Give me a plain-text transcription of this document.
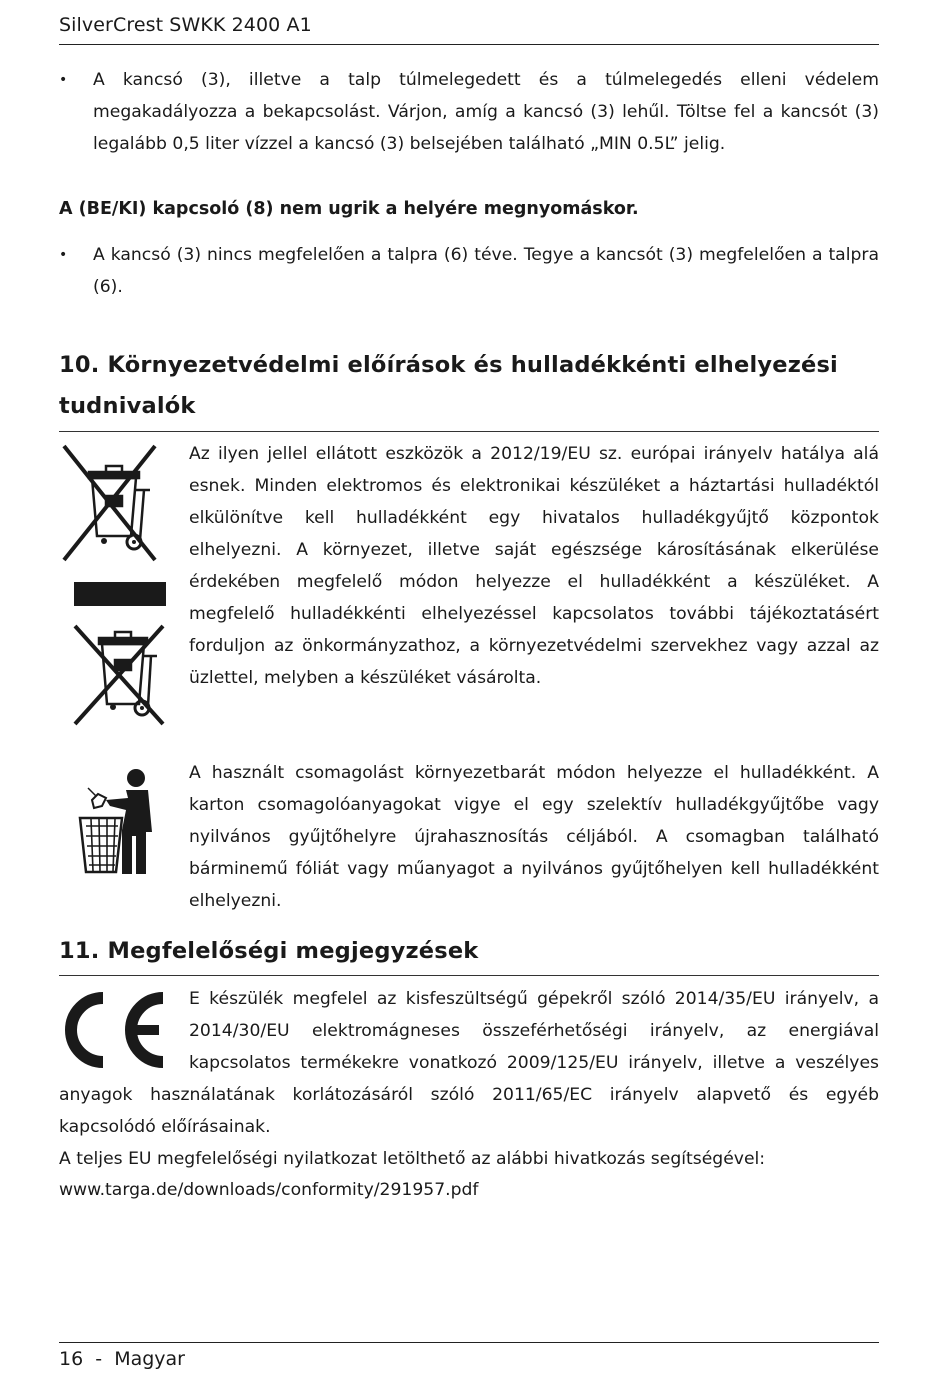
SilverCrest SWKK 2400 A1
• A kancsó (3), illetve a talp túlmelegedett és a túlmelegedés elleni védelem megakadályozza a bekapcsolást. Várjon, amíg a kancsó (3) lehűl. Töltse fel a kancsót (3) legalább 0,5 liter vízzel a kancsó (3) belsejében található „MIN 0.5L” jelig.
A (BE/KI) kapcsoló (8) nem ugrik a helyére megnyomáskor.
• A kancsó (3) nincs megfelelően a talpra (6) téve. Tegye a kancsót (3) megfelelően a talpra (6).
10. Környezetvédelmi előírások és hulladékkénti elhelyezési tudnivalók
Az ilyen jellel ellátott eszközök a 2012/19/EU sz. európai irányelv hatálya alá esnek. Minden elektromos és elektronikai készüléket a háztartási hulladéktól elkülönítve kell hulladékként egy hivatalos hulladékgyűjtő központok elhelyezni. A környezet, illetve saját egészsége károsításának elkerülése érdekében megfelelő módon helyezze el hulladékként a készüléket. A megfelelő hulladékkénti elhelyezéssel kapcsolatos további tájékoztatásért forduljon az önkormányzathoz, a környezetvédelmi szervekhez vagy azzal az üzlettel, melyben a készüléket vásárolta.
A használt csomagolást környezetbarát módon helyezze el hulladékként. A karton csomagolóanyagokat vigye el egy szelektív hulladékgyűjtőbe vagy nyilvános gyűjtőhelyre újrahasznosítás céljából. A csomagban található bárminemű fóliát vagy műanyagot a nyilvános gyűjtőhelyen kell hulladékként elhelyezni.
11. Megfelelőségi megjegyzések
E készülék megfelel az kisfeszültségű gépekről szóló 2014/35/EU irányelv, a
2014/30/EU elektromágneses összeférhetőségi irányelv, az energiával
kapcsolatos termékekre vonatkozó 2009/125/EU irányelv, illetve a veszélyes
anyagok használatának korlátozásáról szóló 2011/65/EC irányelv alapvető és egyéb kapcsolódó előírásainak.
A teljes EU megfelelőségi nyilatkozat letölthető az alábbi hivatkozás segítségével:
www.targa.de/downloads/conformity/291957.pdf
16  -  Magyar
